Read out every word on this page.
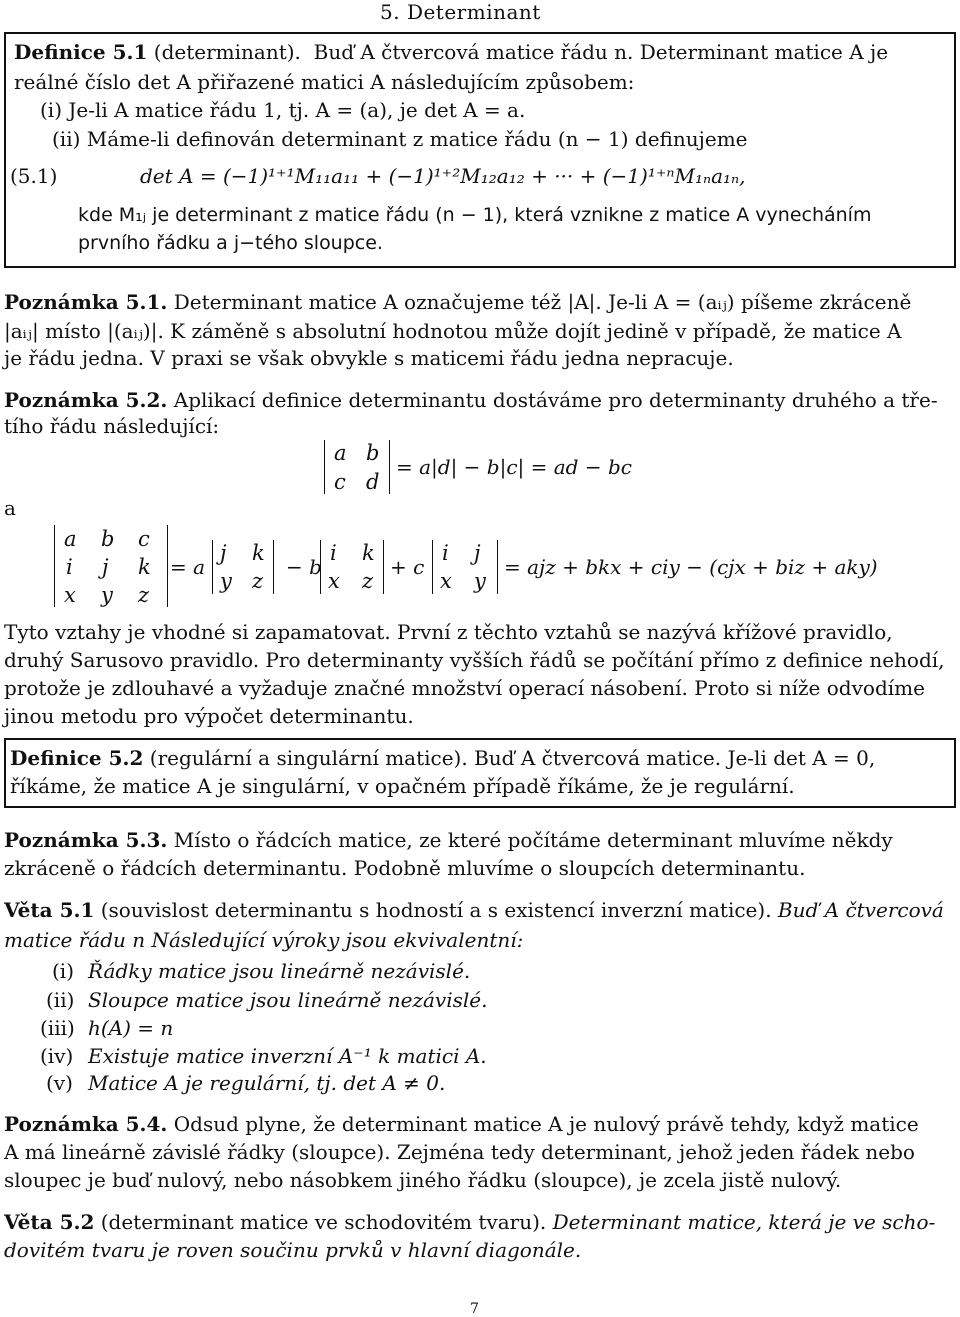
5. Determinant
Definice 5.1 (determinant). Buď A čtvercová matice řádu n. Determinant matice A je
reálné číslo det A přiřazené matici A následujícím způsobem:
(i) Je-li A matice řádu 1, tj. A = (a), je det A = a.
(ii) Máme-li definován determinant z matice řádu (n − 1) definujeme
(5.1)	det A = (−1)¹⁺¹M₁₁a₁₁ + (−1)¹⁺²M₁₂a₁₂ + ··· + (−1)¹⁺ⁿM₁ₙa₁ₙ,
kde M₁ⱼ je determinant z matice řádu (n − 1), která vznikne z matice A vynecháním
prvního řádku a j−tého sloupce.
Poznámka 5.1. Determinant matice A označujeme též |A|. Je-li A = (aᵢⱼ) píšeme zkráceně
|aᵢⱼ| místo |(aᵢⱼ)|. K záměně s absolutní hodnotou může dojít jedině v případě, že matice A
je řádu jedna. V praxi se však obvykle s maticemi řádu jedna nepracuje.
Poznámka 5.2. Aplikací definice determinantu dostáváme pro determinanty druhého a tře-
tího řádu následující:
a b
c d
= a|d| − b|c| = ad − bc
a
a b c
i j k
x y z
= a
j k
y z
− b
i k
x z
+ c
i j
x y
= ajz + bkx + ciy − (cjx + biz + aky)
Tyto vztahy je vhodné si zapamatovat. První z těchto vztahů se nazývá křížové pravidlo,
druhý Sarusovo pravidlo. Pro determinanty vyšších řádů se počítání přímo z definice nehodí,
protože je zdlouhavé a vyžaduje značné množství operací násobení. Proto si níže odvodíme
jinou metodu pro výpočet determinantu.
Definice 5.2 (regulární a singulární matice). Buď A čtvercová matice. Je-li det A = 0,
říkáme, že matice A je singulární, v opačném případě říkáme, že je regulární.
Poznámka 5.3. Místo o řádcích matice, ze které počítáme determinant mluvíme někdy
zkráceně o řádcích determinantu. Podobně mluvíme o sloupcích determinantu.
Věta 5.1 (souvislost determinantu s hodností a s existencí inverzní matice). Buď A čtvercová
matice řádu n Následující výroky jsou ekvivalentní:
(i) Řádky matice jsou lineárně nezávislé.
(ii) Sloupce matice jsou lineárně nezávislé.
(iii) h(A) = n
(iv) Existuje matice inverzní A⁻¹ k matici A.
(v) Matice A je regulární, tj. det A ≠ 0.
Poznámka 5.4. Odsud plyne, že determinant matice A je nulový právě tehdy, když matice
A má lineárně závislé řádky (sloupce). Zejména tedy determinant, jehož jeden řádek nebo
sloupec je buď nulový, nebo násobkem jiného řádku (sloupce), je zcela jistě nulový.
Věta 5.2 (determinant matice ve schodovitém tvaru). Determinant matice, která je ve scho-
dovitém tvaru je roven součinu prvků v hlavní diagonále.
7
